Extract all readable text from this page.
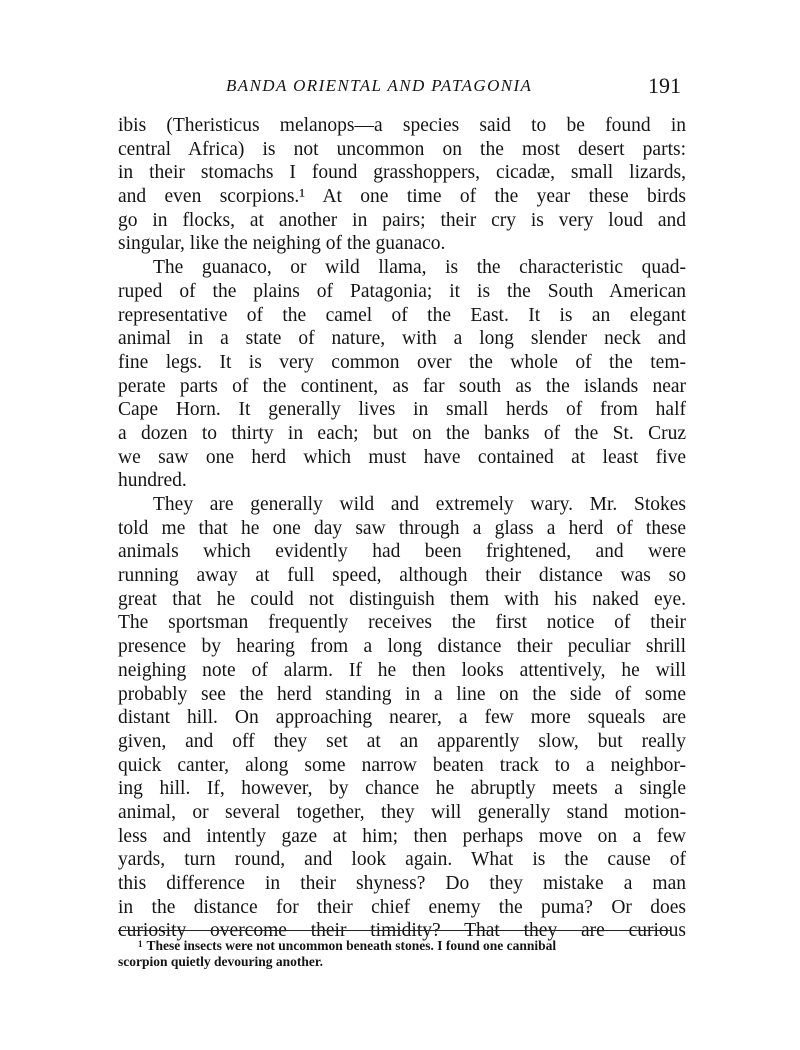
BANDA ORIENTAL AND PATAGONIA	191
ibis (Theristicus melanops—a species said to be found in
central Africa) is not uncommon on the most desert parts:
in their stomachs I found grasshoppers, cicadæ, small lizards,
and even scorpions.¹ At one time of the year these birds
go in flocks, at another in pairs; their cry is very loud and
singular, like the neighing of the guanaco.
The guanaco, or wild llama, is the characteristic quad-
ruped of the plains of Patagonia; it is the South American
representative of the camel of the East. It is an elegant
animal in a state of nature, with a long slender neck and
fine legs. It is very common over the whole of the tem-
perate parts of the continent, as far south as the islands near
Cape Horn. It generally lives in small herds of from half
a dozen to thirty in each; but on the banks of the St. Cruz
we saw one herd which must have contained at least five
hundred.
They are generally wild and extremely wary. Mr. Stokes
told me that he one day saw through a glass a herd of these
animals which evidently had been frightened, and were
running away at full speed, although their distance was so
great that he could not distinguish them with his naked eye.
The sportsman frequently receives the first notice of their
presence by hearing from a long distance their peculiar shrill
neighing note of alarm. If he then looks attentively, he will
probably see the herd standing in a line on the side of some
distant hill. On approaching nearer, a few more squeals are
given, and off they set at an apparently slow, but really
quick canter, along some narrow beaten track to a neighbor-
ing hill. If, however, by chance he abruptly meets a single
animal, or several together, they will generally stand motion-
less and intently gaze at him; then perhaps move on a few
yards, turn round, and look again. What is the cause of
this difference in their shyness? Do they mistake a man
in the distance for their chief enemy the puma? Or does
curiosity overcome their timidity? That they are curious
$^1$ These insects were not uncommon beneath stones. I found one cannibal
scorpion quietly devouring another.
